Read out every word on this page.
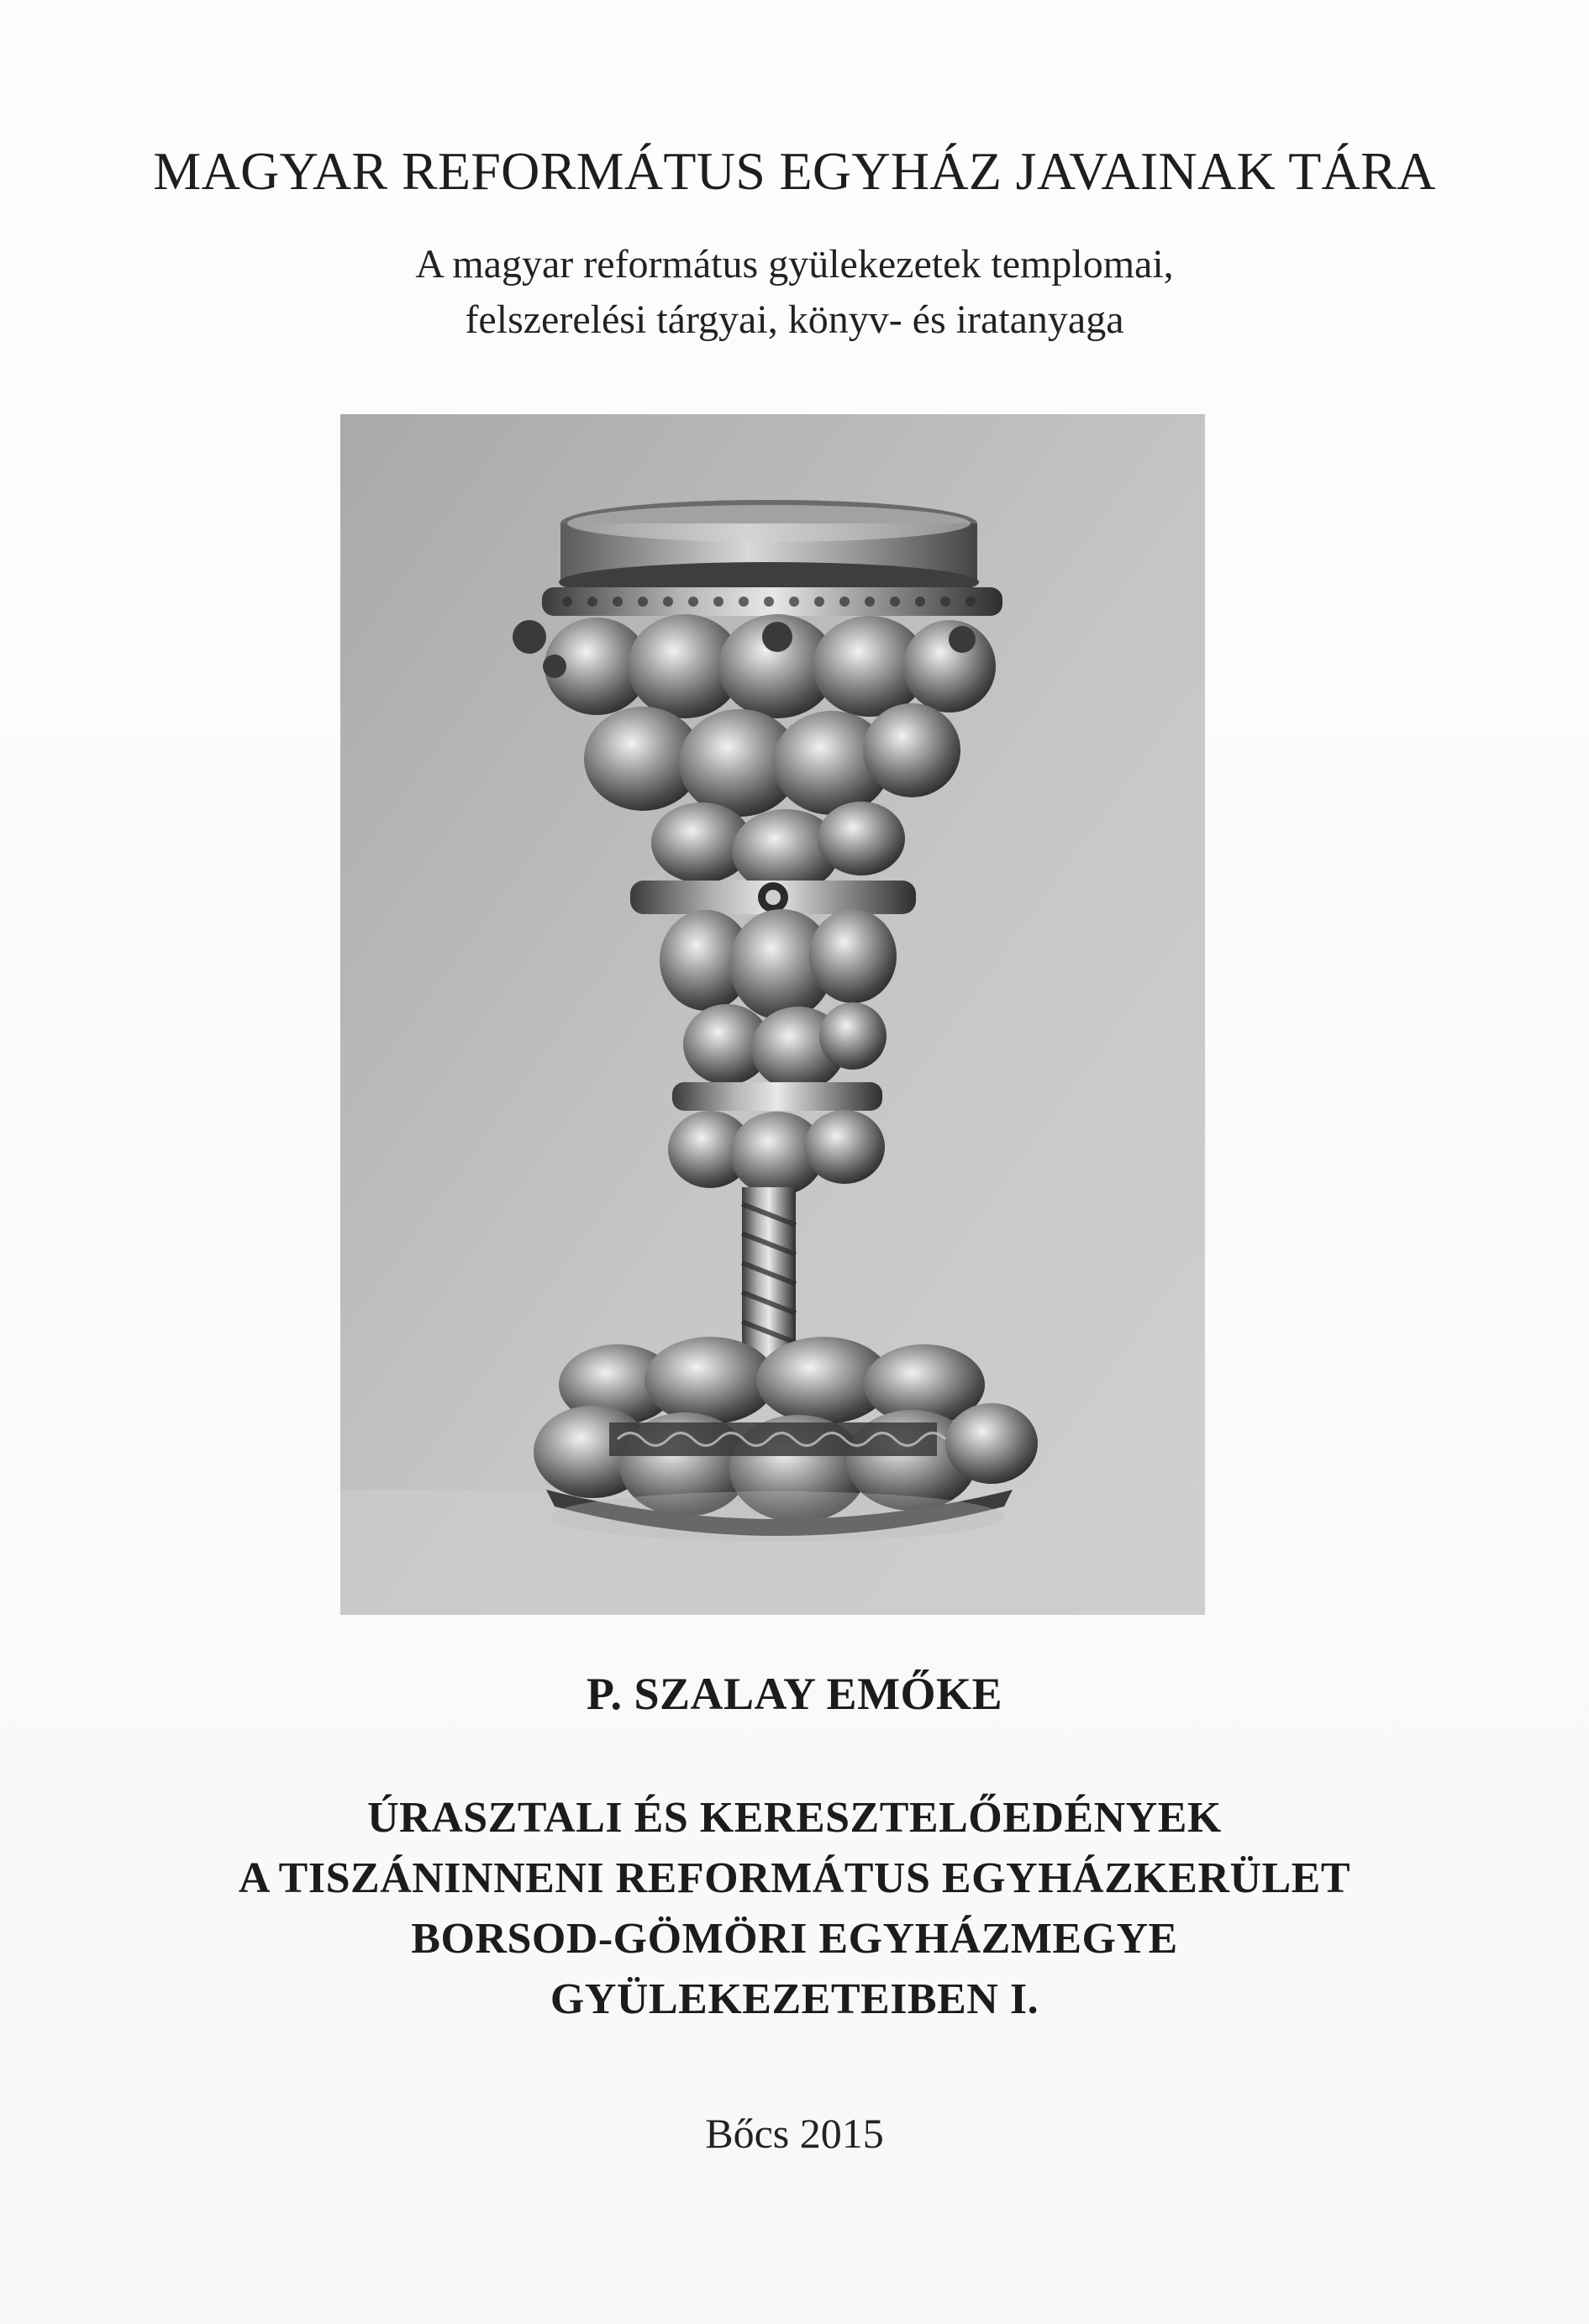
MAGYAR REFORMÁTUS EGYHÁZ JAVAINAK TÁRA
A magyar református gyülekezetek templomai,
felszerelési tárgyai, könyv- és iratanyaga
P. SZALAY EMŐKE
ÚRASZTALI ÉS KERESZTELŐEDÉNYEK
A TISZÁNINNENI REFORMÁTUS EGYHÁZKERÜLET
BORSOD-GÖMÖRI EGYHÁZMEGYE
GYÜLEKEZETEIBEN I.
Bőcs 2015
